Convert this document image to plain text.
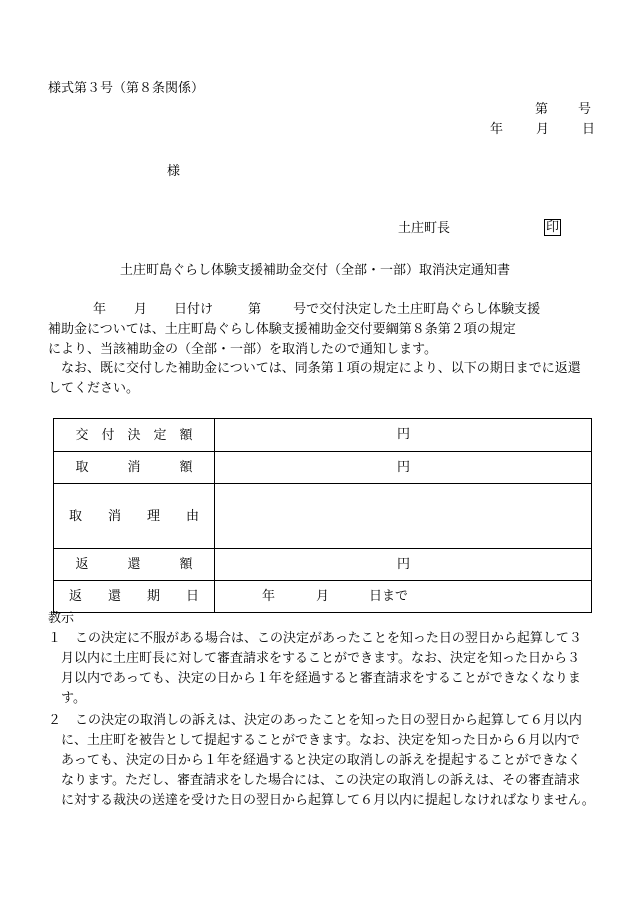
様式第３号（第８条関係）
第 号
年	月	日
様
土庄町長	印
土庄町島ぐらし体験支援補助金交付（全部・一部）取消決定通知書
年 月 日付け	第 号で交付決定した土庄町島ぐらし体験支援
補助金については、土庄町島ぐらし体験支援補助金交付要綱第８条第２項の規定
により、当該補助金の（全部・一部）を取消したので通知します。
　なお、既に交付した補助金については、同条第１項の規定により、以下の期日までに返還
してください。
交　付　決　定　額	円

取　　　消　　　額	円

取　　消　　理　　由	
返　　　還　　　額	円

返　　還　　期　　日	年 月 日まで
教示
１ この決定に不服がある場合は、この決定があったことを知った日の翌日から起算して３
月以内に土庄町長に対して審査請求をすることができます。なお、決定を知った日から３
月以内であっても、決定の日から１年を経過すると審査請求をすることができなくなりま
す。
２ この決定の取消しの訴えは、決定のあったことを知った日の翌日から起算して６月以内
に、土庄町を被告として提起することができます。なお、決定を知った日から６月以内で
あっても、決定の日から１年を経過すると決定の取消しの訴えを提起することができなく
なります。ただし、審査請求をした場合には、この決定の取消しの訴えは、その審査請求
に対する裁決の送達を受けた日の翌日から起算して６月以内に提起しなければなりません。
